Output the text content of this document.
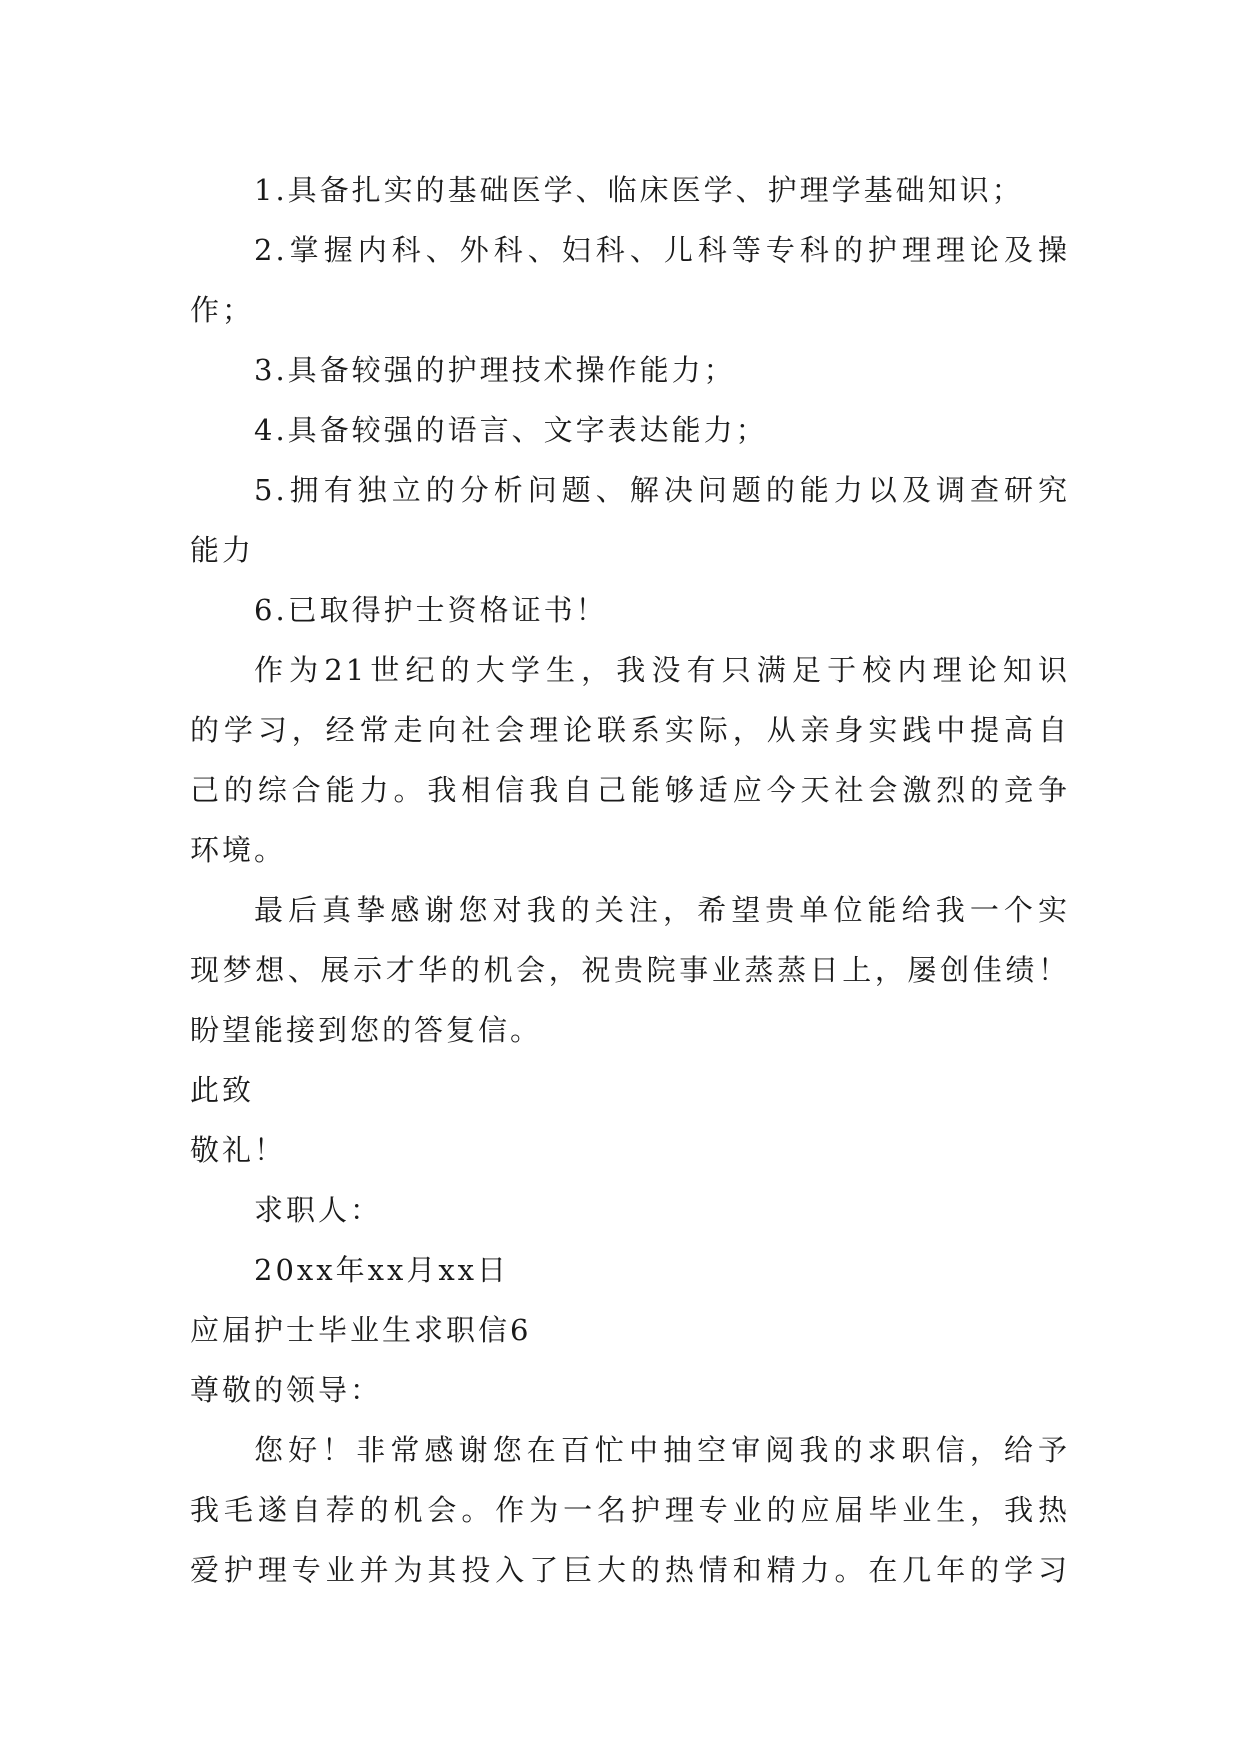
1.具备扎实的基础医学、临床医学、护理学基础知识；
2.掌握内科、外科、妇科、儿科等专科的护理理论及操
作；
3.具备较强的护理技术操作能力；
4.具备较强的语言、文字表达能力；
5.拥有独立的分析问题、解决问题的能力以及调查研究
能力
6.已取得护士资格证书！
作为21世纪的大学生，我没有只满足于校内理论知识
的学习，经常走向社会理论联系实际，从亲身实践中提高自
己的综合能力。我相信我自己能够适应今天社会激烈的竞争
环境。
最后真挚感谢您对我的关注，希望贵单位能给我一个实
现梦想、展示才华的机会，祝贵院事业蒸蒸日上，屡创佳绩！
盼望能接到您的答复信。
此致
敬礼！
求职人：
20xx年xx月xx日
应届护士毕业生求职信6
尊敬的领导：
您好！非常感谢您在百忙中抽空审阅我的求职信，给予
我毛遂自荐的机会。作为一名护理专业的应届毕业生，我热
爱护理专业并为其投入了巨大的热情和精力。在几年的学习
